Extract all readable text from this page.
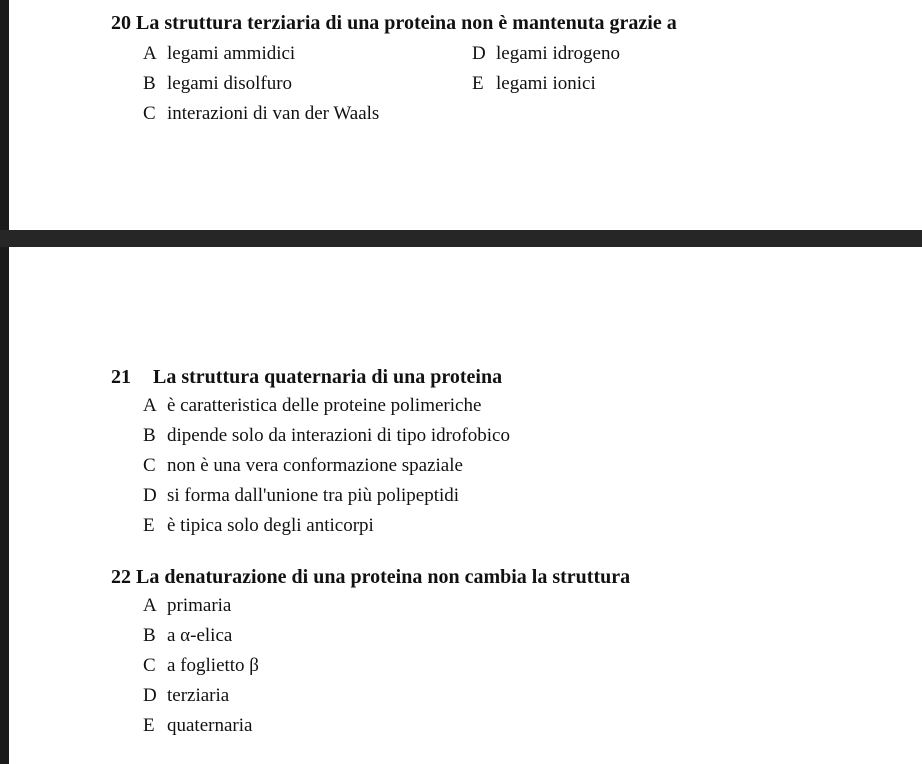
20 La struttura terziaria di una proteina non è mantenuta grazie a
A legami ammidici
B legami disolfuro
C interazioni di van der Waals
D legami idrogeno
E legami ionici
21 La struttura quaternaria di una proteina
A è caratteristica delle proteine polimeriche
B dipende solo da interazioni di tipo idrofobico
C non è una vera conformazione spaziale
D si forma dall'unione tra più polipeptidi
E è tipica solo degli anticorpi
22 La denaturazione di una proteina non cambia la struttura
A primaria
B a α-elica
C a foglietto β
D terziaria
E quaternaria
